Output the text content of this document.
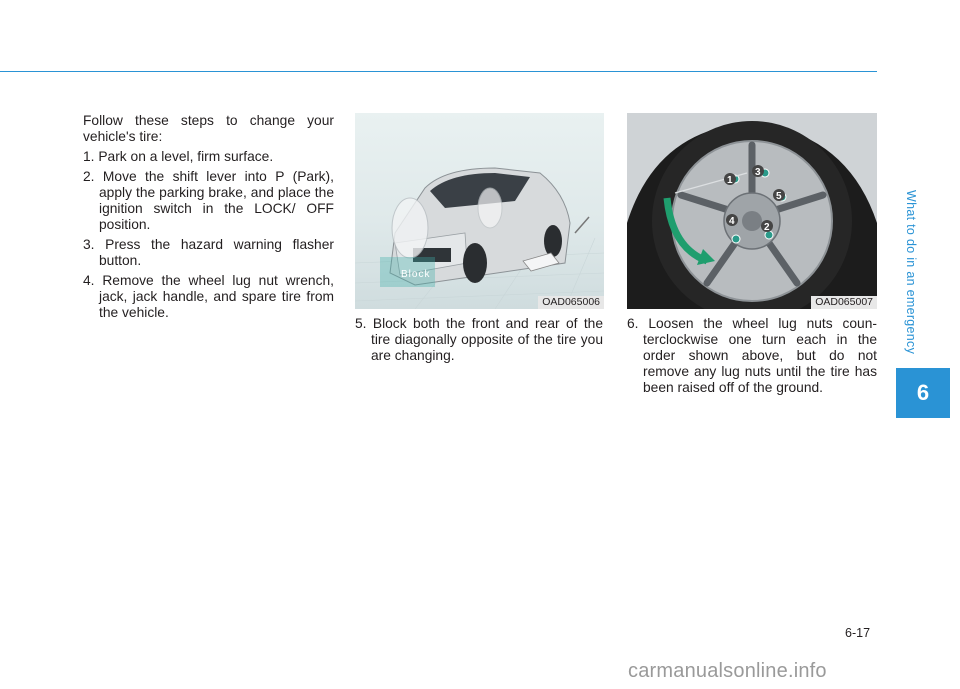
What to do in an emergency
6

Follow these steps to change your vehicle's tire:

1. Park on a level, firm surface.

2. Move the shift lever into P (Park), apply the parking brake, and place the ignition switch in the LOCK/ OFF position.

3. Press the hazard warning flasher button.

4. Remove the wheel lug nut wrench, jack, jack handle, and spare tire from the vehicle.

OAD065006
Block
1
2
3
4
5
OAD065007

5. Block both the front and rear of the tire diagonally opposite of the tire you are changing.

6. Loosen the wheel lug nuts coun-terclockwise one turn each in the order shown above, but do not remove any lug nuts until the tire has been raised off of the ground.

6-17
carmanualsonline.info
